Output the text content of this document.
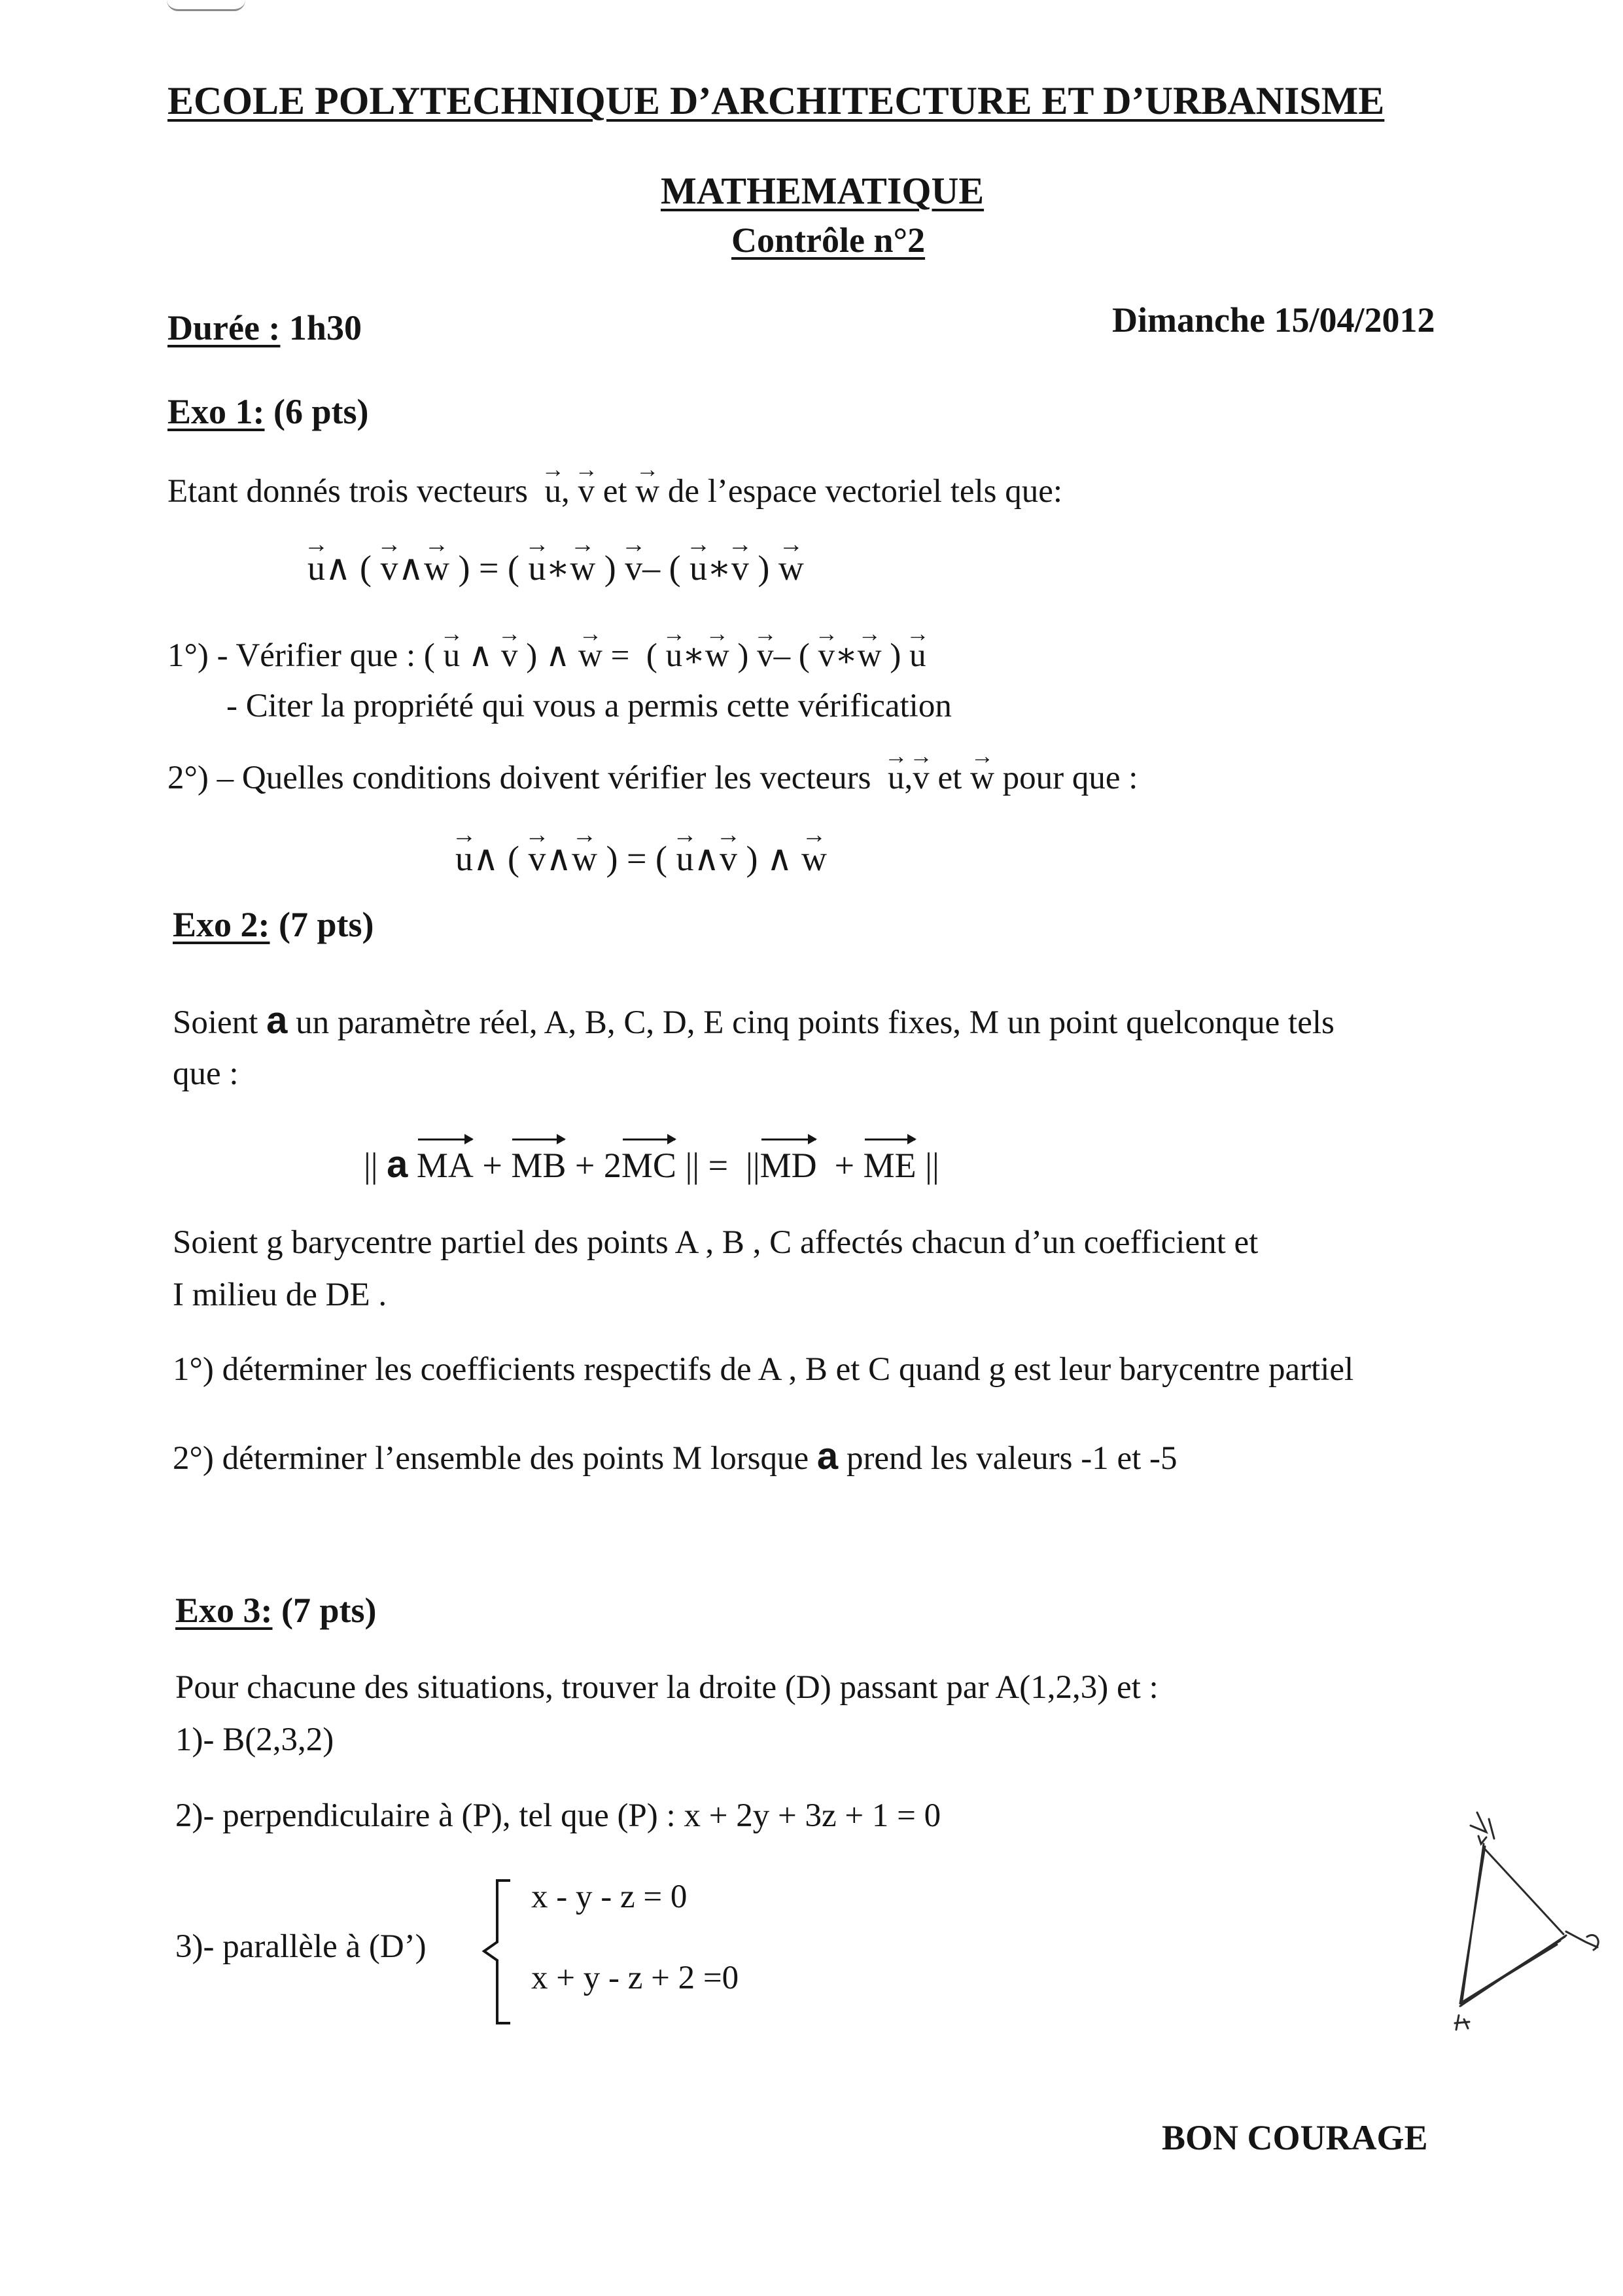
ECOLE POLYTECHNIQUE D’ARCHITECTURE ET D’URBANISME
MATHEMATIQUE
Contrôle n°2
Durée : 1h30	Dimanche 15/04/2012
Exo 1: (6 pts)
Etant donnés trois vecteurs → u, → v et → w de l’espace vectoriel tels que:
→ u∧ ( → v∧→ w ) = ( → u∗→ w ) → v– ( → u∗→ v ) → w
1°) - Vérifier que : ( → u ∧ → v ) ∧ → w = ( → u∗→ w ) → v– ( → v∗→ w ) → u
- Citer la propriété qui vous a permis cette vérification
2°) – Quelles conditions doivent vérifier les vecteurs → u,→ v et → w pour que :
→ u∧ ( → v∧→ w ) = ( → u∧→ v ) ∧ → w
Exo 2: (7 pts)
Soient a un paramètre réel, A, B, C, D, E cinq points fixes, M un point quelconque tels
que :
|| a MA + MB + 2MC || = ||MD + ME ||
Soient g barycentre partiel des points A , B , C affectés chacun d’un coefficient et
I milieu de DE .
1°) déterminer les coefficients respectifs de A , B et C quand g est leur barycentre partiel
2°) déterminer l’ensemble des points M lorsque a prend les valeurs -1 et -5
Exo 3: (7 pts)
Pour chacune des situations, trouver la droite (D) passant par A(1,2,3) et :
1)- B(2,3,2)
2)- perpendiculaire à (P), tel que (P) : x + 2y + 3z + 1 = 0
3)- parallèle à (D’)
x - y - z = 0
x + y - z + 2 =0
BON COURAGE
